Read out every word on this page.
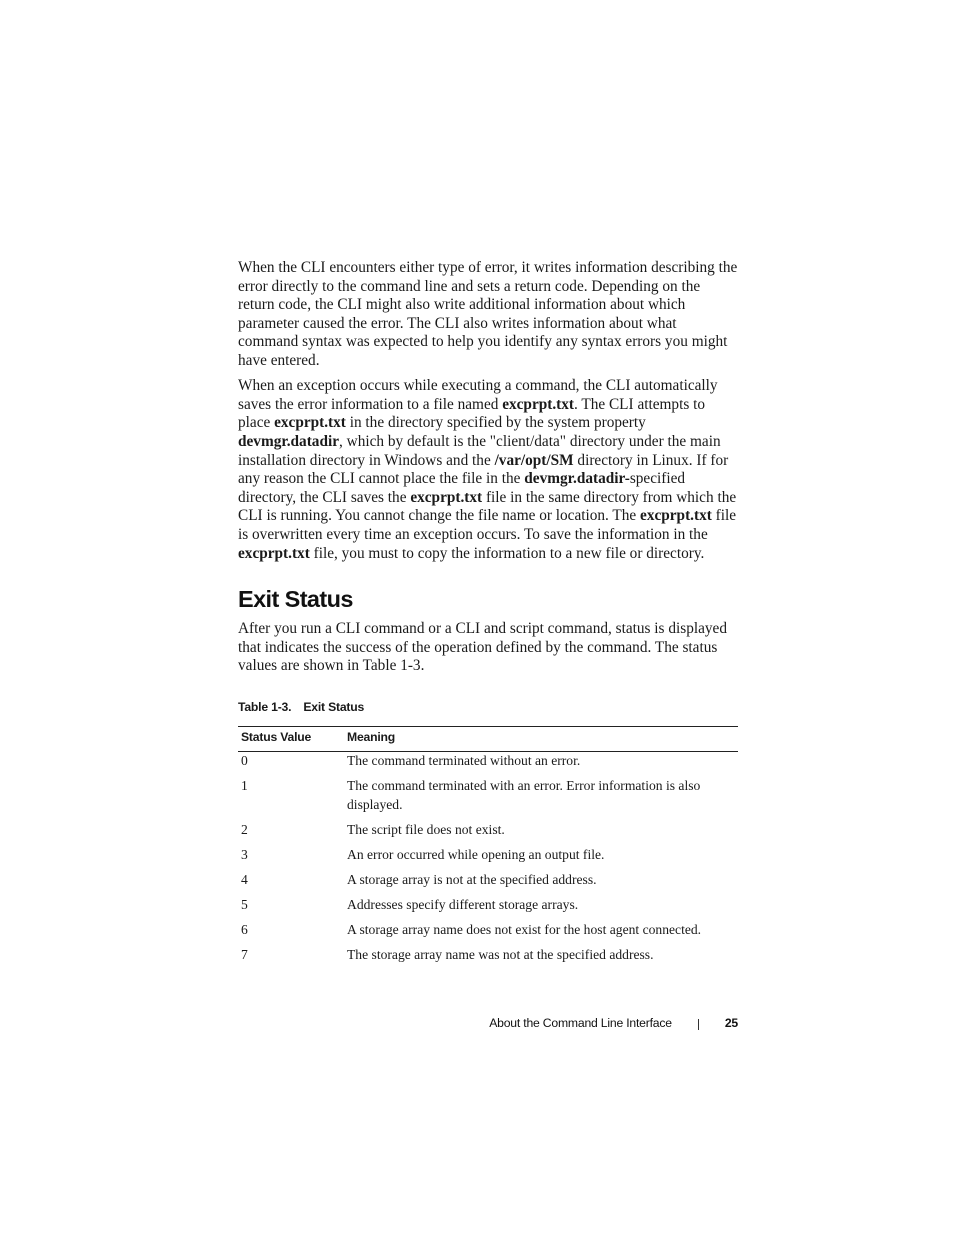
When the CLI encounters either type of error, it writes information describing the error directly to the command line and sets a return code. Depending on the return code, the CLI might also write additional information about which parameter caused the error. The CLI also writes information about what command syntax was expected to help you identify any syntax errors you might have entered.

When an exception occurs while executing a command, the CLI automatically saves the error information to a file named excprpt.txt. The CLI attempts to place excprpt.txt in the directory specified by the system property devmgr.datadir, which by default is the "client/data" directory under the main installation directory in Windows and the /var/opt/SM directory in Linux. If for any reason the CLI cannot place the file in the devmgr.datadir-specified directory, the CLI saves the excprpt.txt file in the same directory from which the CLI is running. You cannot change the file name or location. The excprpt.txt file is overwritten every time an exception occurs. To save the information in the excprpt.txt file, you must to copy the information to a new file or directory.

Exit Status

After you run a CLI command or a CLI and script command, status is displayed that indicates the success of the operation defined by the command. The status values are shown in Table 1-3.

Table 1-3. Exit Status
Status Value	Meaning
0	The command terminated without an error.
1	The command terminated with an error. Error information is also displayed.
2	The script file does not exist.
3	An error occurred while opening an output file.
4	A storage array is not at the specified address.
5	Addresses specify different storage arrays.
6	A storage array name does not exist for the host agent connected.
7	The storage array name was not at the specified address.
About the Command Line Interface	25
